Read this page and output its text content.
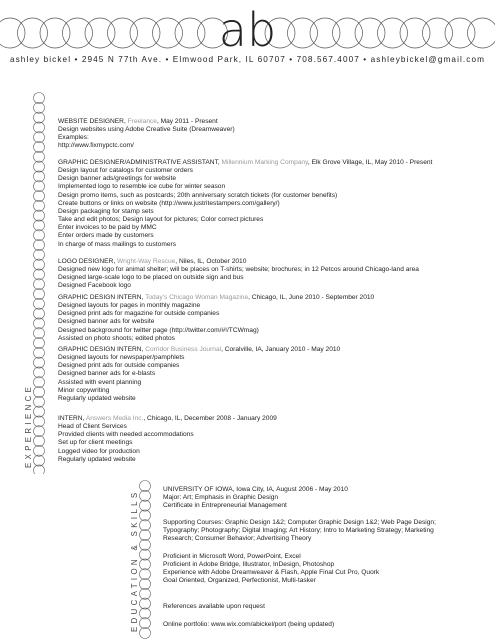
ab
ashley bickel • 2945 N 77th Ave. • Elmwood Park, IL 60707 • 708.567.4007 • ashleybickel@gmail.com
EXPERIENCE
EDUCATION & SKILLS
WEBSITE DESIGNER, Freelance, May 2011 - Present
Design websites using Adobe Creative Suite (Dreamweaver)
Examples:
http://www.fixmypctc.com/
GRAPHIC DESIGNER/ADMINISTRATIVE ASSISTANT, Millennium Marking Company, Elk Grove Village, IL, May 2010 - Present
Design layout for catalogs for customer orders
Design banner ads/greetings for website
Implemented logo to resemble ice cube for winter season
Design promo items, such as postcards; 20th anniversary scratch tickets (for customer benefits)
Create buttons or links on website (http://www.justritestampers.com/gallery/)
Design packaging for stamp sets
Take and edit photos; Design layout for pictures; Color correct pictures
Enter invoices to be paid by MMC
Enter orders made by customers
In charge of mass mailings to customers
LOGO DESIGNER, Wright-Way Rescue, Niles, IL, October 2010
Designed new logo for animal shelter; will be places on T-shirts; website; brochures; in 12 Petcos around Chicago-land area
Designed large-scale logo to be placed on outside sign and bus
Designed Facebook logo
GRAPHIC DESIGN INTERN, Today's Chicago Woman Magazine, Chicago, IL, June 2010 - September 2010
Designed layouts for pages in monthly magazine
Designed print ads for magazine for outside companies
Designed banner ads for website
Designed background for twitter page (http://twitter.com/#!/TCWmag)
Assisted on photo shoots; edited photos
GRAPHIC DESIGN INTERN, Corridor Business Journal, Coralville, IA, January 2010 - May 2010
Designed layouts for newspaper/pamphlets
Designed print ads for outside companies
Designed banner ads for e-blasts
Assisted with event planning
Minor copywriting
Regularly updated website
INTERN, Answers Media Inc., Chicago, IL, December 2008 - January 2009
Head of Client Services
Provided clients with needed accommodations
Set up for client meetings
Logged video for production
Regularly updated website
UNIVERSITY OF IOWA, Iowa City, IA, August 2006 - May 2010
Major: Art; Emphasis in Graphic Design
Certificate in Entrepreneurial Management
Supporting Courses: Graphic Design 1&2; Computer Graphic Design 1&2; Web Page Design;
Typography; Photography; Digital Imaging; Art History; Intro to Marketing Strategy; Marketing
Research; Consumer Behavior; Advertising Theory
Proficient in Microsoft Word, PowerPoint, Excel
Proficient in Adobe Bridge, Illustrator, InDesign, Photoshop
Experience with Adobe Dreamweaver & Flash, Apple Final Cut Pro, Quork
Goal Oriented, Organized, Perfectionist, Multi-tasker
References available upon request
Online portfolio: www.wix.com/abickel/port (being updated)
